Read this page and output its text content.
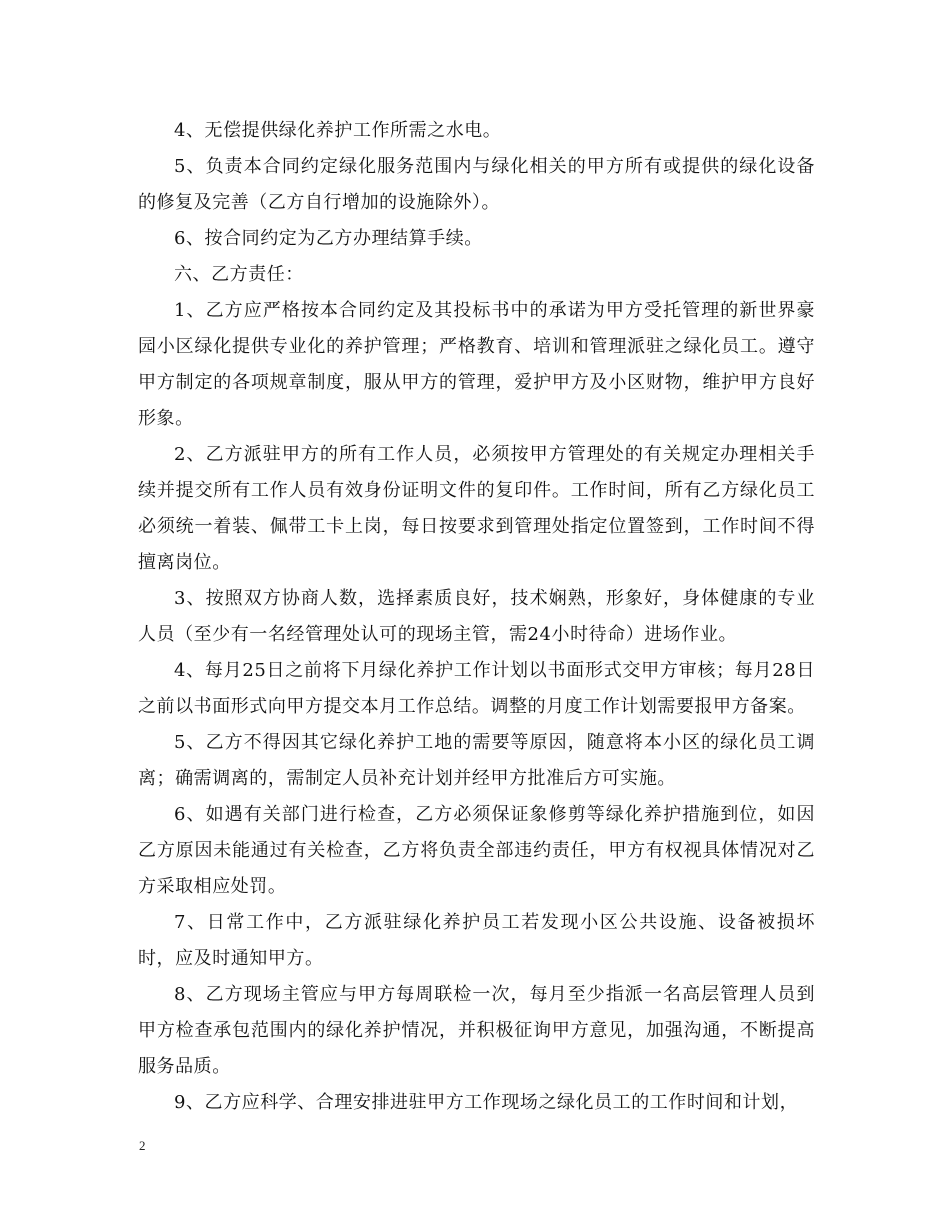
4、无偿提供绿化养护工作所需之水电。

5、负责本合同约定绿化服务范围内与绿化相关的甲方所有或提供的绿化设备的修复及完善（乙方自行增加的设施除外）。

6、按合同约定为乙方办理结算手续。

六、乙方责任：

1、乙方应严格按本合同约定及其投标书中的承诺为甲方受托管理的新世界豪园小区绿化提供专业化的养护管理；严格教育、培训和管理派驻之绿化员工。遵守甲方制定的各项规章制度，服从甲方的管理，爱护甲方及小区财物，维护甲方良好形象。

2、乙方派驻甲方的所有工作人员，必须按甲方管理处的有关规定办理相关手续并提交所有工作人员有效身份证明文件的复印件。工作时间，所有乙方绿化员工必须统一着装、佩带工卡上岗，每日按要求到管理处指定位置签到，工作时间不得擅离岗位。

3、按照双方协商人数，选择素质良好，技术娴熟，形象好，身体健康的专业人员（至少有一名经管理处认可的现场主管，需24小时待命）进场作业。

4、每月25日之前将下月绿化养护工作计划以书面形式交甲方审核；每月28日之前以书面形式向甲方提交本月工作总结。调整的月度工作计划需要报甲方备案。

5、乙方不得因其它绿化养护工地的需要等原因，随意将本小区的绿化员工调离；确需调离的，需制定人员补充计划并经甲方批准后方可实施。

6、如遇有关部门进行检查，乙方必须保证象修剪等绿化养护措施到位，如因乙方原因未能通过有关检查，乙方将负责全部违约责任，甲方有权视具体情况对乙方采取相应处罚。

7、日常工作中，乙方派驻绿化养护员工若发现小区公共设施、设备被损坏时，应及时通知甲方。

8、乙方现场主管应与甲方每周联检一次，每月至少指派一名高层管理人员到甲方检查承包范围内的绿化养护情况，并积极征询甲方意见，加强沟通，不断提高服务品质。

9、乙方应科学、合理安排进驻甲方工作现场之绿化员工的工作时间和计划，

2
